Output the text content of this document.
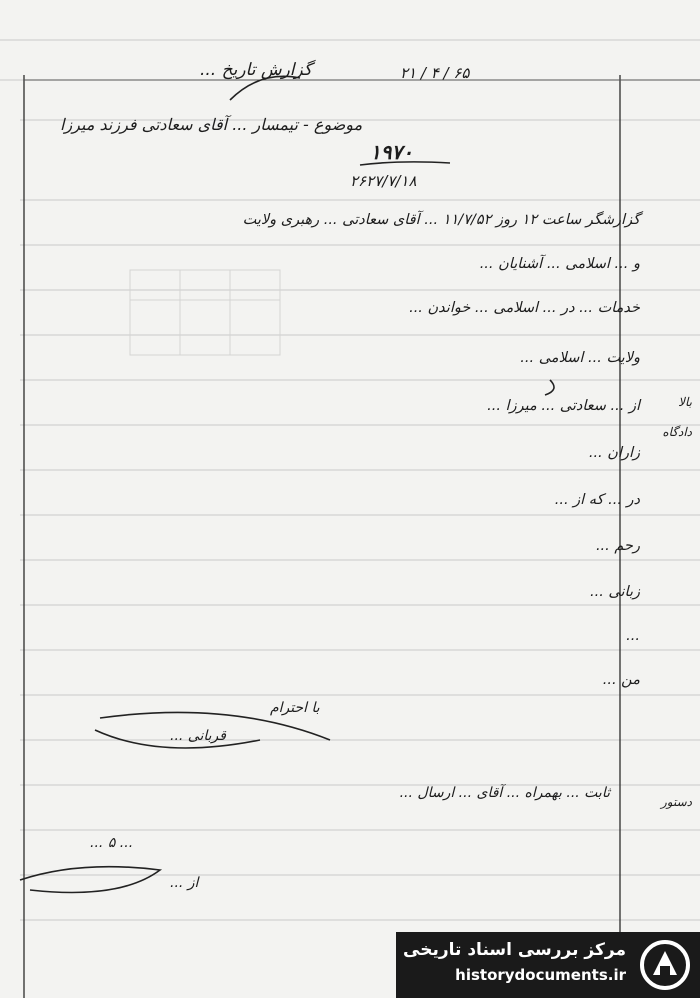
۶۵ / ۴ / ۲۱
گزارش تاریخ ...
موضوع - تیمسار ... آقای سعادتی فرزند میرزا
۱۹۷۰
۲۶۲۷/۷/۱۸
گزارشگر ساعت ۱۲ روز ۱۱/۷/۵۲ ... آقای سعادتی ... رهبری ولایت
و ... اسلامی ... آشنایان ...
خدمات ... در ... اسلامی ... خواندن ...
ولایت ... اسلامی ...
از ... سعادتی ... میرزا ...
زاران ...
در ... که از ...
رحم ...
زبانی ...
...
من ...
با احترام
قربانی ...
ثابت ... بهمراه ... آقای ... ارسال ...
... ۵ ...
از ...
بالا
دادگاه
دستور
مرکز بررسی اسناد تاریخی
historydocuments.ir
